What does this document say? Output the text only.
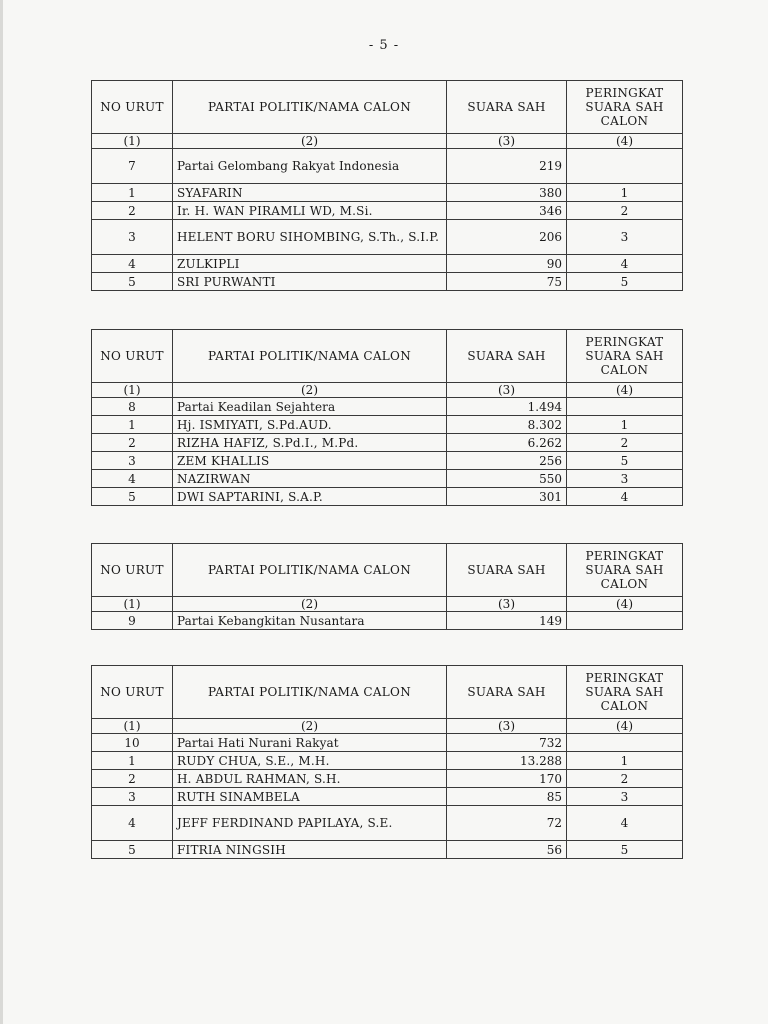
- 5 -
NO URUT	PARTAI POLITIK/NAMA CALON	SUARA SAH	PERINGKAT SUARA SAH CALON
(1)	(2)	(3)	(4)
7	Partai Gelombang Rakyat Indonesia	219	
1	SYAFARIN	380	1
2	Ir. H. WAN PIRAMLI WD, M.Si.	346	2
3	HELENT BORU SIHOMBING, S.Th., S.I.P.	206	3
4	ZULKIPLI	90	4
5	SRI PURWANTI	75	5
NO URUT	PARTAI POLITIK/NAMA CALON	SUARA SAH	PERINGKAT SUARA SAH CALON
(1)	(2)	(3)	(4)
8	Partai Keadilan Sejahtera	1.494	
1	Hj. ISMIYATI, S.Pd.AUD.	8.302	1
2	RIZHA HAFIZ, S.Pd.I., M.Pd.	6.262	2
3	ZEM KHALLIS	256	5
4	NAZIRWAN	550	3
5	DWI SAPTARINI, S.A.P.	301	4
NO URUT	PARTAI POLITIK/NAMA CALON	SUARA SAH	PERINGKAT SUARA SAH CALON
(1)	(2)	(3)	(4)
9	Partai Kebangkitan Nusantara	149	
NO URUT	PARTAI POLITIK/NAMA CALON	SUARA SAH	PERINGKAT SUARA SAH CALON
(1)	(2)	(3)	(4)
10	Partai Hati Nurani Rakyat	732	
1	RUDY CHUA, S.E., M.H.	13.288	1
2	H. ABDUL RAHMAN, S.H.	170	2
3	RUTH SINAMBELA	85	3
4	JEFF FERDINAND PAPILAYA, S.E.	72	4
5	FITRIA NINGSIH	56	5
